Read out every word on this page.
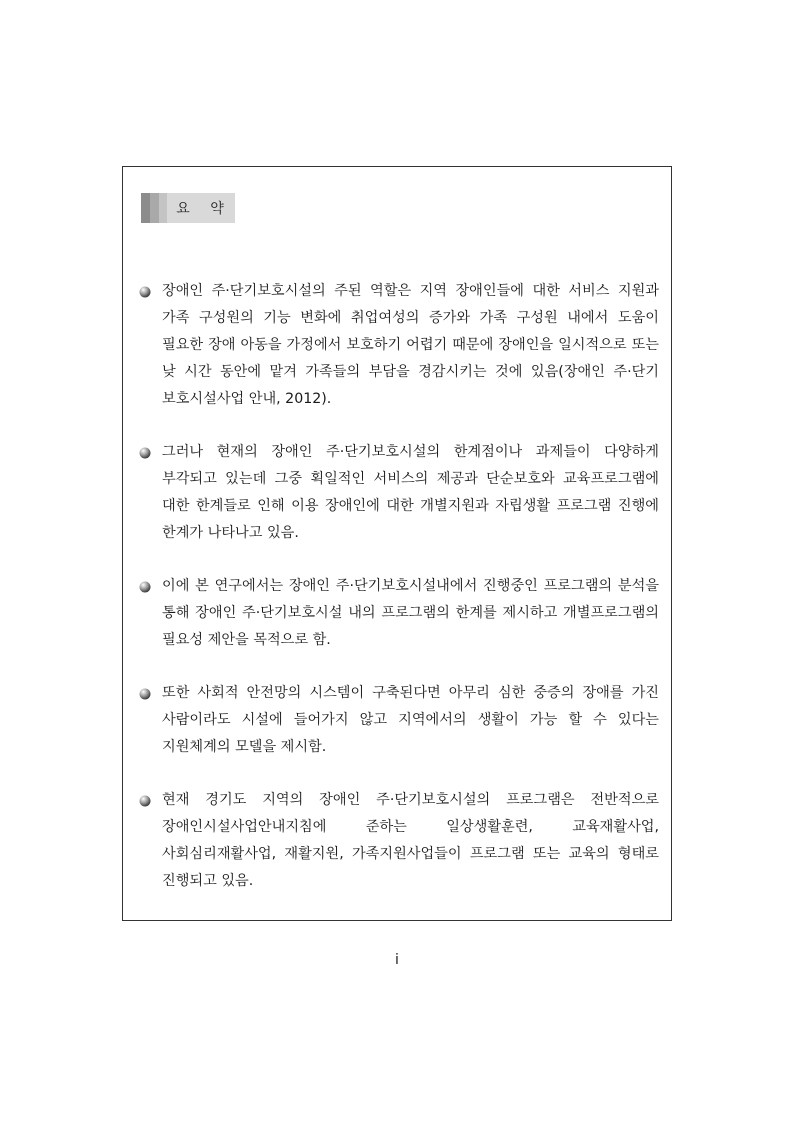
요 약
장애인 주·단기보호시설의 주된 역할은 지역 장애인들에 대한 서비스 지원과 가족 구성원의 기능 변화에 취업여성의 증가와 가족 구성원 내에서 도움이 필요한 장애 아동을 가정에서 보호하기 어렵기 때문에 장애인을 일시적으로 또는 낮 시간 동안에 맡겨 가족들의 부담을 경감시키는 것에 있음(장애인 주·단기 보호시설사업 안내, 2012).
그러나 현재의 장애인 주·단기보호시설의 한계점이나 과제들이 다양하게 부각되고 있는데 그중 획일적인 서비스의 제공과 단순보호와 교육프로그램에 대한 한계들로 인해 이용 장애인에 대한 개별지원과 자립생활 프로그램 진행에 한계가 나타나고 있음.
이에 본 연구에서는 장애인 주·단기보호시설내에서 진행중인 프로그램의 분석을 통해 장애인 주·단기보호시설 내의 프로그램의 한계를 제시하고 개별프로그램의 필요성 제안을 목적으로 함.
또한 사회적 안전망의 시스템이 구축된다면 아무리 심한 중증의 장애를 가진 사람이라도 시설에 들어가지 않고 지역에서의 생활이 가능 할 수 있다는 지원체계의 모델을 제시함.
현재 경기도 지역의 장애인 주·단기보호시설의 프로그램은 전반적으로 장애인시설사업안내지침에 준하는 일상생활훈련, 교육재활사업, 사회심리재활사업, 재활지원, 가족지원사업들이 프로그램 또는 교육의 형태로 진행되고 있음.
i
